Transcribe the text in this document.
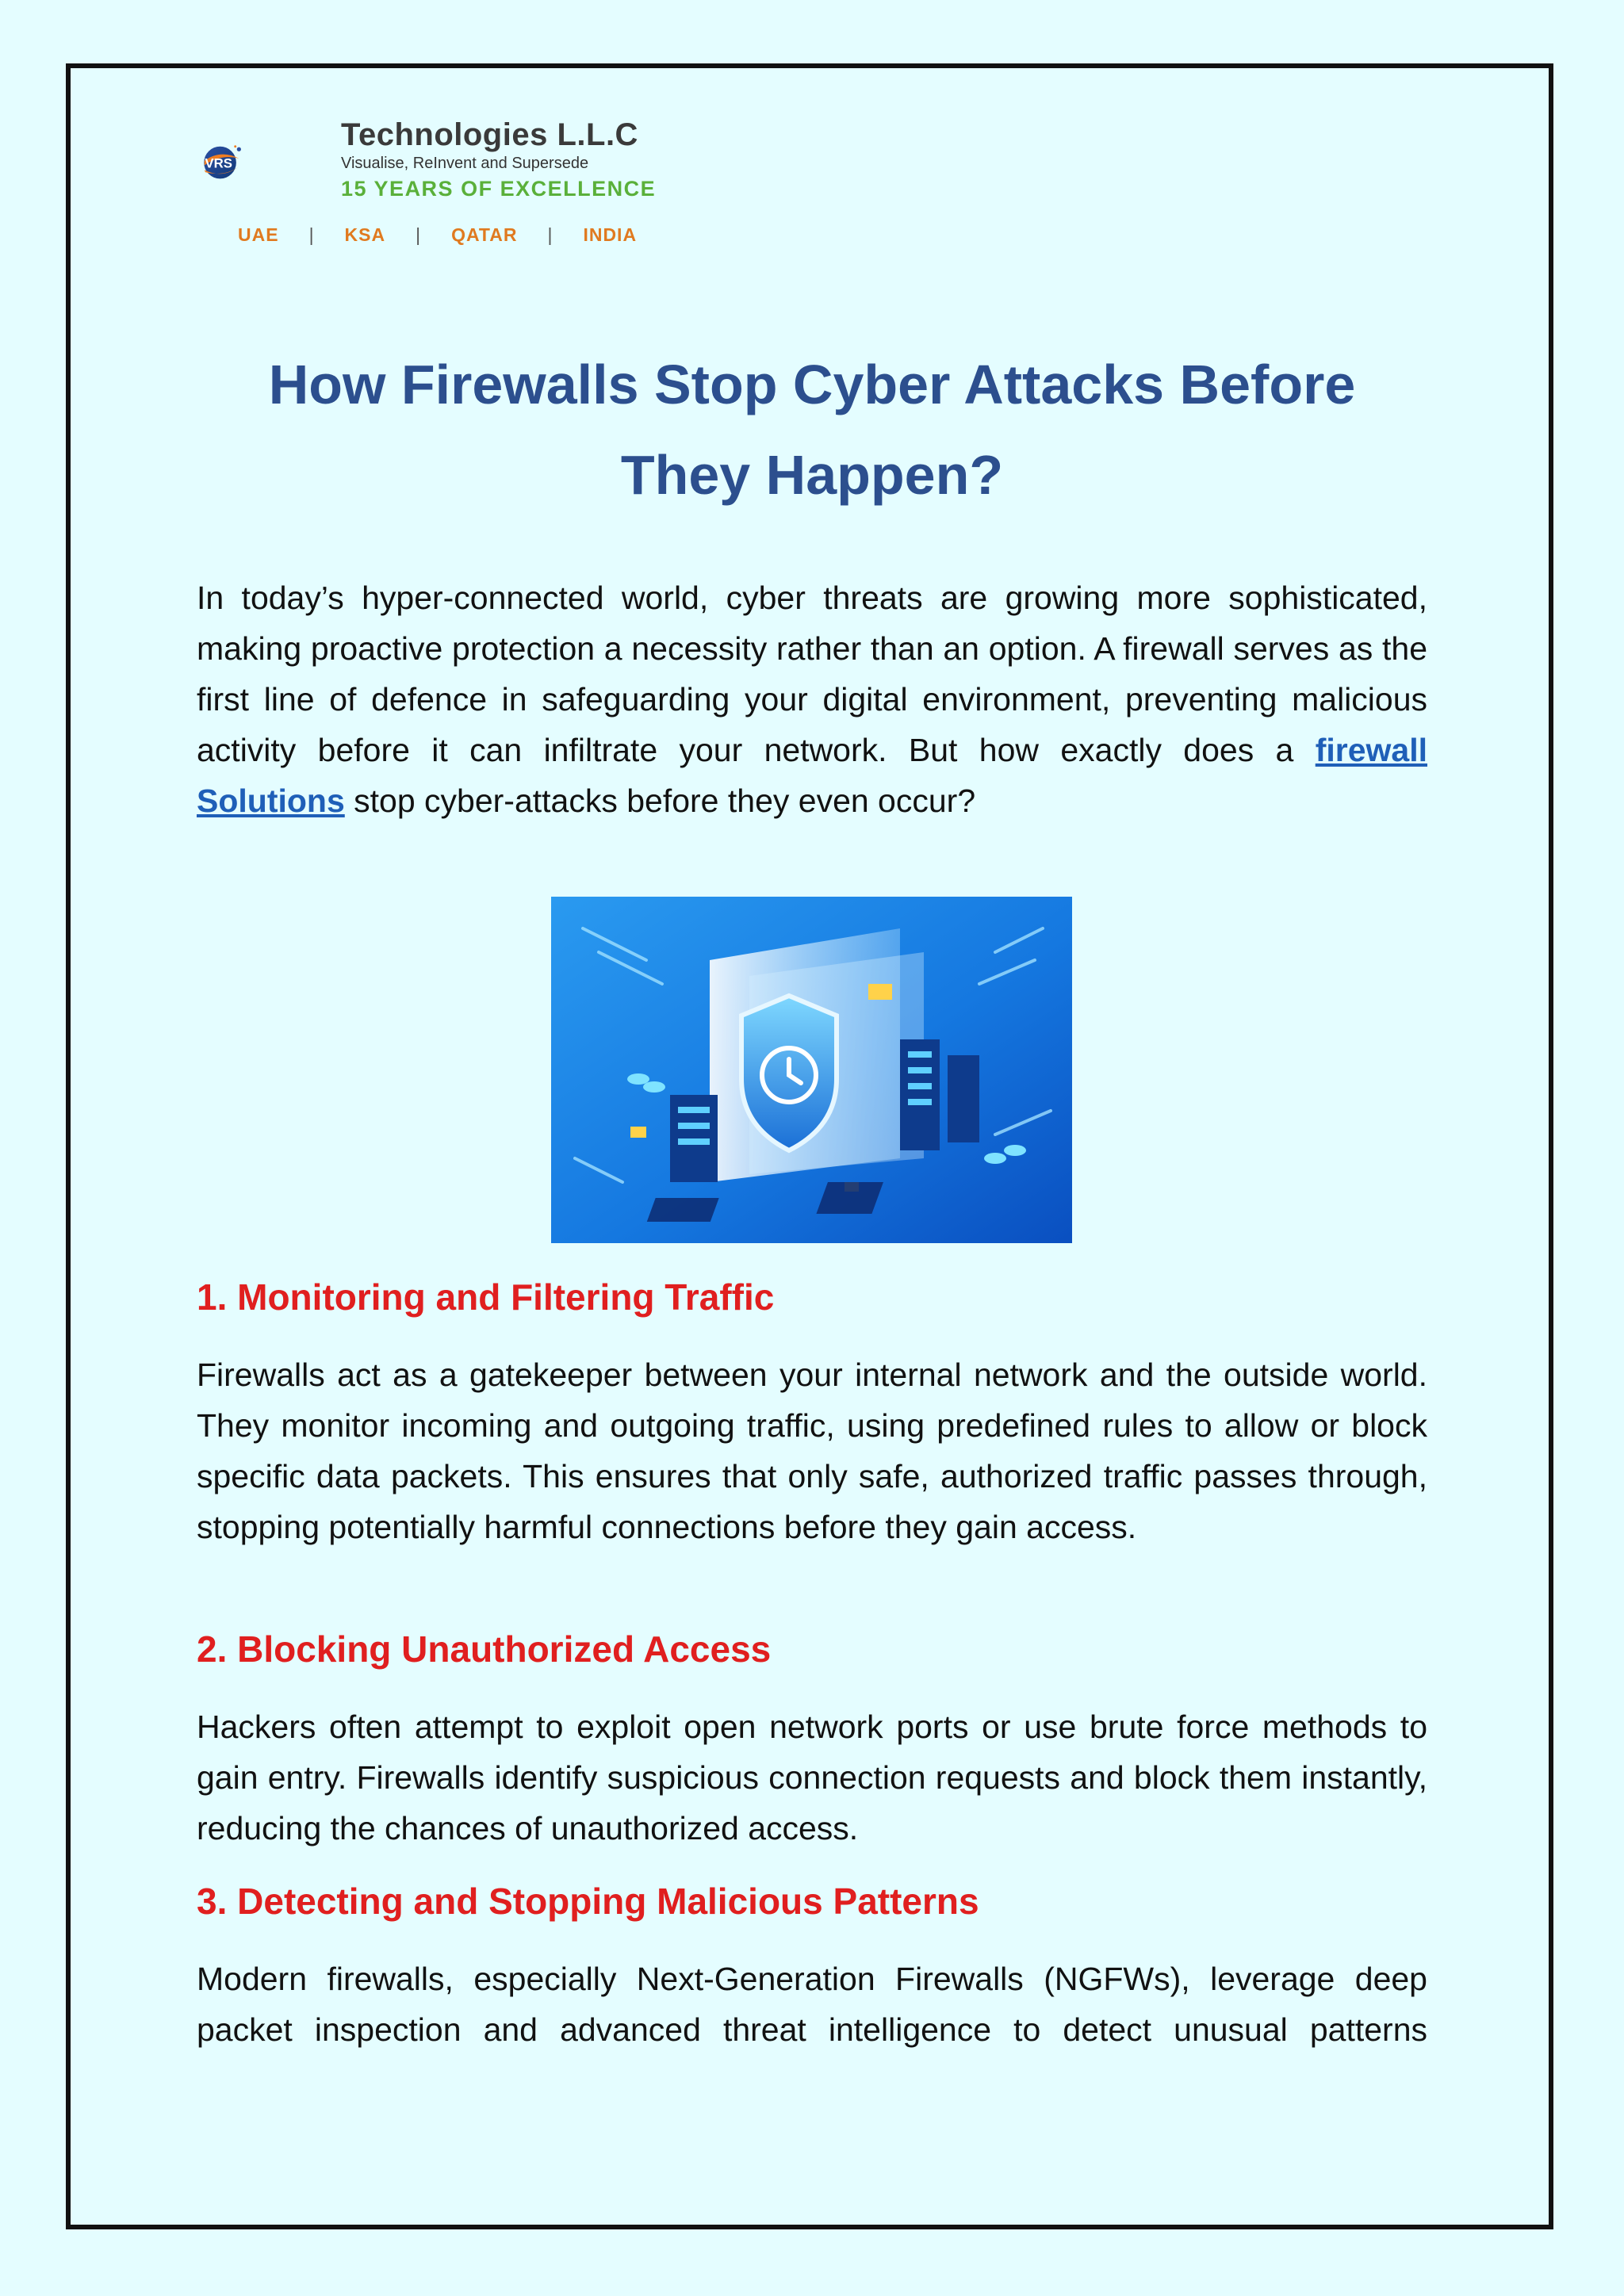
VRS
Technologies L.L.C
Visualise, ReInvent and Supersede
15 YEARS OF EXCELLENCE
UAE | KSA | QATAR | INDIA
How Firewalls Stop Cyber Attacks Before They Happen?

In today’s hyper-connected world, cyber threats are growing more sophisticated, making proactive protection a necessity rather than an option. A firewall serves as the first line of defence in safeguarding your digital environment, preventing malicious activity before it can infiltrate your network. But how exactly does a firewall Solutions stop cyber-attacks before they even occur?

1. Monitoring and Filtering Traffic

Firewalls act as a gatekeeper between your internal network and the outside world. They monitor incoming and outgoing traffic, using predefined rules to allow or block specific data packets. This ensures that only safe, authorized traffic passes through, stopping potentially harmful connections before they gain access.

2. Blocking Unauthorized Access

Hackers often attempt to exploit open network ports or use brute force methods to gain entry. Firewalls identify suspicious connection requests and block them instantly, reducing the chances of unauthorized access.

3. Detecting and Stopping Malicious Patterns

Modern firewalls, especially Next-Generation Firewalls (NGFWs), leverage deep packet inspection and advanced threat intelligence to detect unusual patterns
